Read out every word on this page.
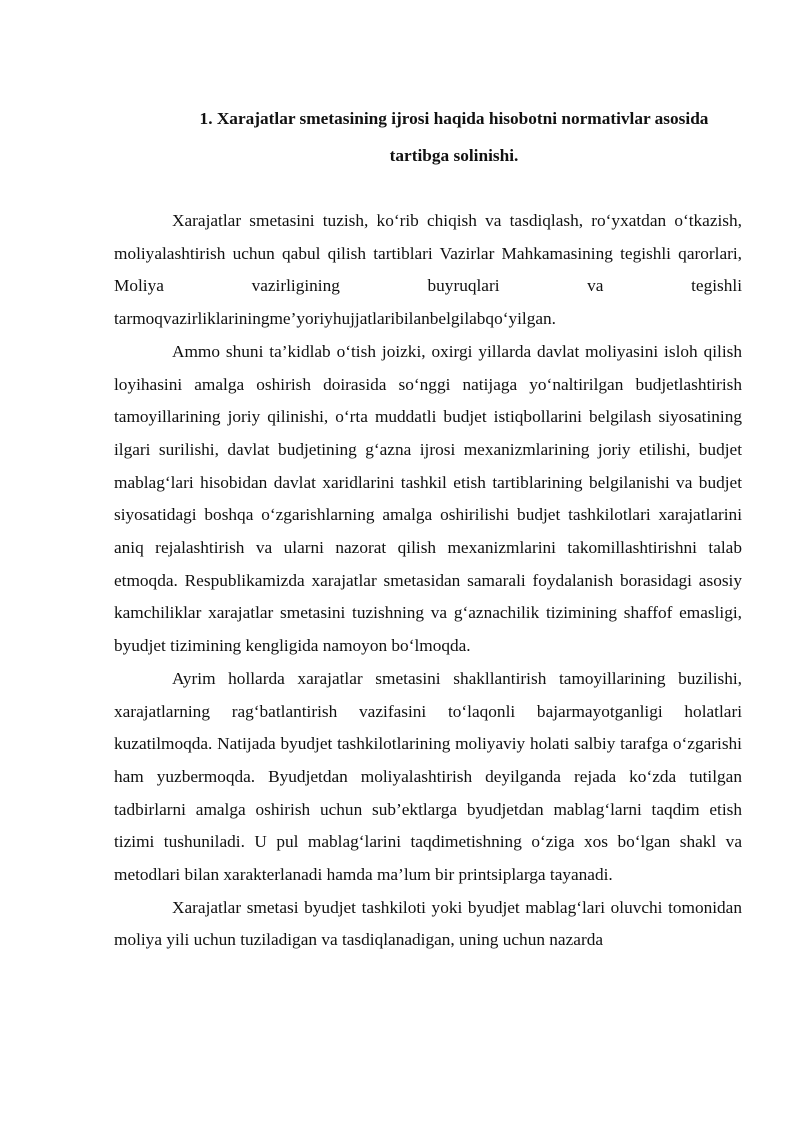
1. Xarajatlar smetasining ijrosi haqida hisobotni normativlar asosida
tartibga solinishi.

Xarajatlar smetasini tuzish, ko‘rib chiqish va tasdiqlash, ro‘yxatdan o‘tkazish, moliyalashtirish uchun qabul qilish tartiblari Vazirlar Mahkamasining tegishli qarorlari, Moliya vazirligining buyruqlari va tegishli tarmoqvazirliklariningme’yoriyhujjatlaribilanbelgilabqo‘yilgan.

Ammo shuni ta’kidlab o‘tish joizki, oxirgi yillarda davlat moliyasini isloh qilish loyihasini amalga oshirish doirasida so‘nggi natijaga yo‘naltirilgan budjetlashtirish tamoyillarining joriy qilinishi, o‘rta muddatli budjet istiqbollarini belgilash siyosatining ilgari surilishi, davlat budjetining g‘azna ijrosi mexanizmlarining joriy etilishi, budjet mablag‘lari hisobidan davlat xaridlarini tashkil etish tartiblarining belgilanishi va budjet siyosatidagi boshqa o‘zgarishlarning amalga oshirilishi budjet tashkilotlari xarajatlarini aniq rejalashtirish va ularni nazorat qilish mexanizmlarini takomillashtirishni talab etmoqda. Respublikamizda xarajatlar smetasidan samarali foydalanish borasidagi asosiy kamchiliklar xarajatlar smetasini tuzishning va g‘aznachilik tizimining shaffof emasligi, byudjet tizimining kengligida namoyon bo‘lmoqda.

Ayrim hollarda xarajatlar smetasini shakllantirish tamoyillarining buzilishi, xarajatlarning rag‘batlantirish vazifasini to‘laqonli bajarmayotganligi holatlari kuzatilmoqda. Natijada byudjet tashkilotlarining moliyaviy holati salbiy tarafga o‘zgarishi ham yuzbermoqda. Byudjetdan moliyalashtirish deyilganda rejada ko‘zda tutilgan tadbirlarni amalga oshirish uchun sub’ektlarga byudjetdan mablag‘larni taqdim etish tizimi tushuniladi. U pul mablag‘larini taqdimetishning o‘ziga xos bo‘lgan shakl va metodlari bilan xarakterlanadi hamda ma’lum bir printsiplarga tayanadi.

Xarajatlar smetasi byudjet tashkiloti yoki byudjet mablag‘lari oluvchi tomonidan moliya yili uchun tuziladigan va tasdiqlanadigan, uning uchun nazarda
